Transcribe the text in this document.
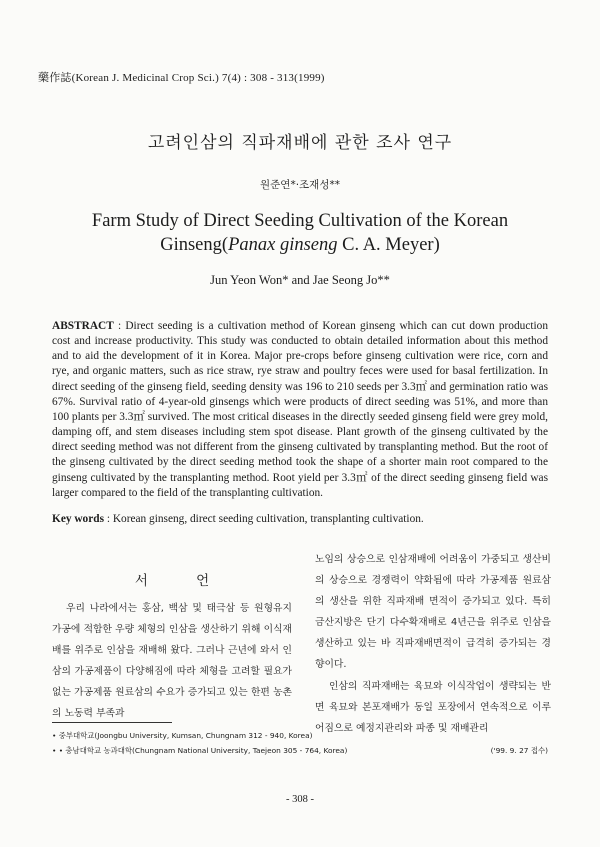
藥作誌(Korean J. Medicinal Crop Sci.) 7(4) : 308 - 313(1999)
고려인삼의 직파재배에 관한 조사 연구
원준연*·조재성**
Farm Study of Direct Seeding Cultivation of the Korean
Ginseng(Panax ginseng C. A. Meyer)
Jun Yeon Won* and Jae Seong Jo**
ABSTRACT : Direct seeding is a cultivation method of Korean ginseng which can cut down production cost and increase productivity. This study was conducted to obtain detailed information about this method and to aid the development of it in Korea. Major pre-crops before ginseng cultivation were rice, corn and rye, and organic matters, such as rice straw, rye straw and poultry feces were used for basal fertilization. In direct seeding of the ginseng field, seeding density was 196 to 210 seeds per 3.3㎡ and germination ratio was 67%. Survival ratio of 4-year-old ginsengs which were products of direct seeding was 51%, and more than 100 plants per 3.3㎡ survived. The most critical diseases in the directly seeded ginseng field were grey mold, damping off, and stem diseases including stem spot disease. Plant growth of the ginseng cultivated by the direct seeding method was not different from the ginseng cultivated by transplanting method. But the root of the ginseng cultivated by the direct seeding method took the shape of a shorter main root compared to the ginseng cultivated by the transplanting method. Root yield per 3.3㎡ of the direct seeding ginseng field was larger compared to the field of the transplanting cultivation.
Key words : Korean ginseng, direct seeding cultivation, transplanting cultivation.
서 언

우리 나라에서는 홍삼, 백삼 및 태극삼 등 원형유지 가공에 적합한 우량 체형의 인삼을 생산하기 위해 이식재배를 위주로 인삼을 재배해 왔다. 그러나 근년에 와서 인삼의 가공제품이 다양해짐에 따라 체형을 고려할 필요가 없는 가공제품 원료삼의 수요가 증가되고 있는 한편 농촌의 노동력 부족과

노임의 상승으로 인삼재배에 어려움이 가중되고 생산비의 상승으로 경쟁력이 약화됨에 따라 가공제품 원료삼의 생산을 위한 직파재배 면적이 증가되고 있다. 특히 금산지방은 단기 다수확재배로 4년근을 위주로 인삼을 생산하고 있는 바 직파재배면적이 급격히 증가되는 경향이다.

인삼의 직파재배는 육묘와 이식작업이 생략되는 반면 육묘와 본포재배가 동일 포장에서 연속적으로 이루어짐으로 예정지관리와 파종 및 재배관리

• 중부대학교(Joongbu University, Kumsan, Chungnam 312 - 940, Korea)
• • 충남대학교 농과대학(Chungnam National University, Taejeon 305 - 764, Korea)	('99. 9. 27 접수)
- 308 -
